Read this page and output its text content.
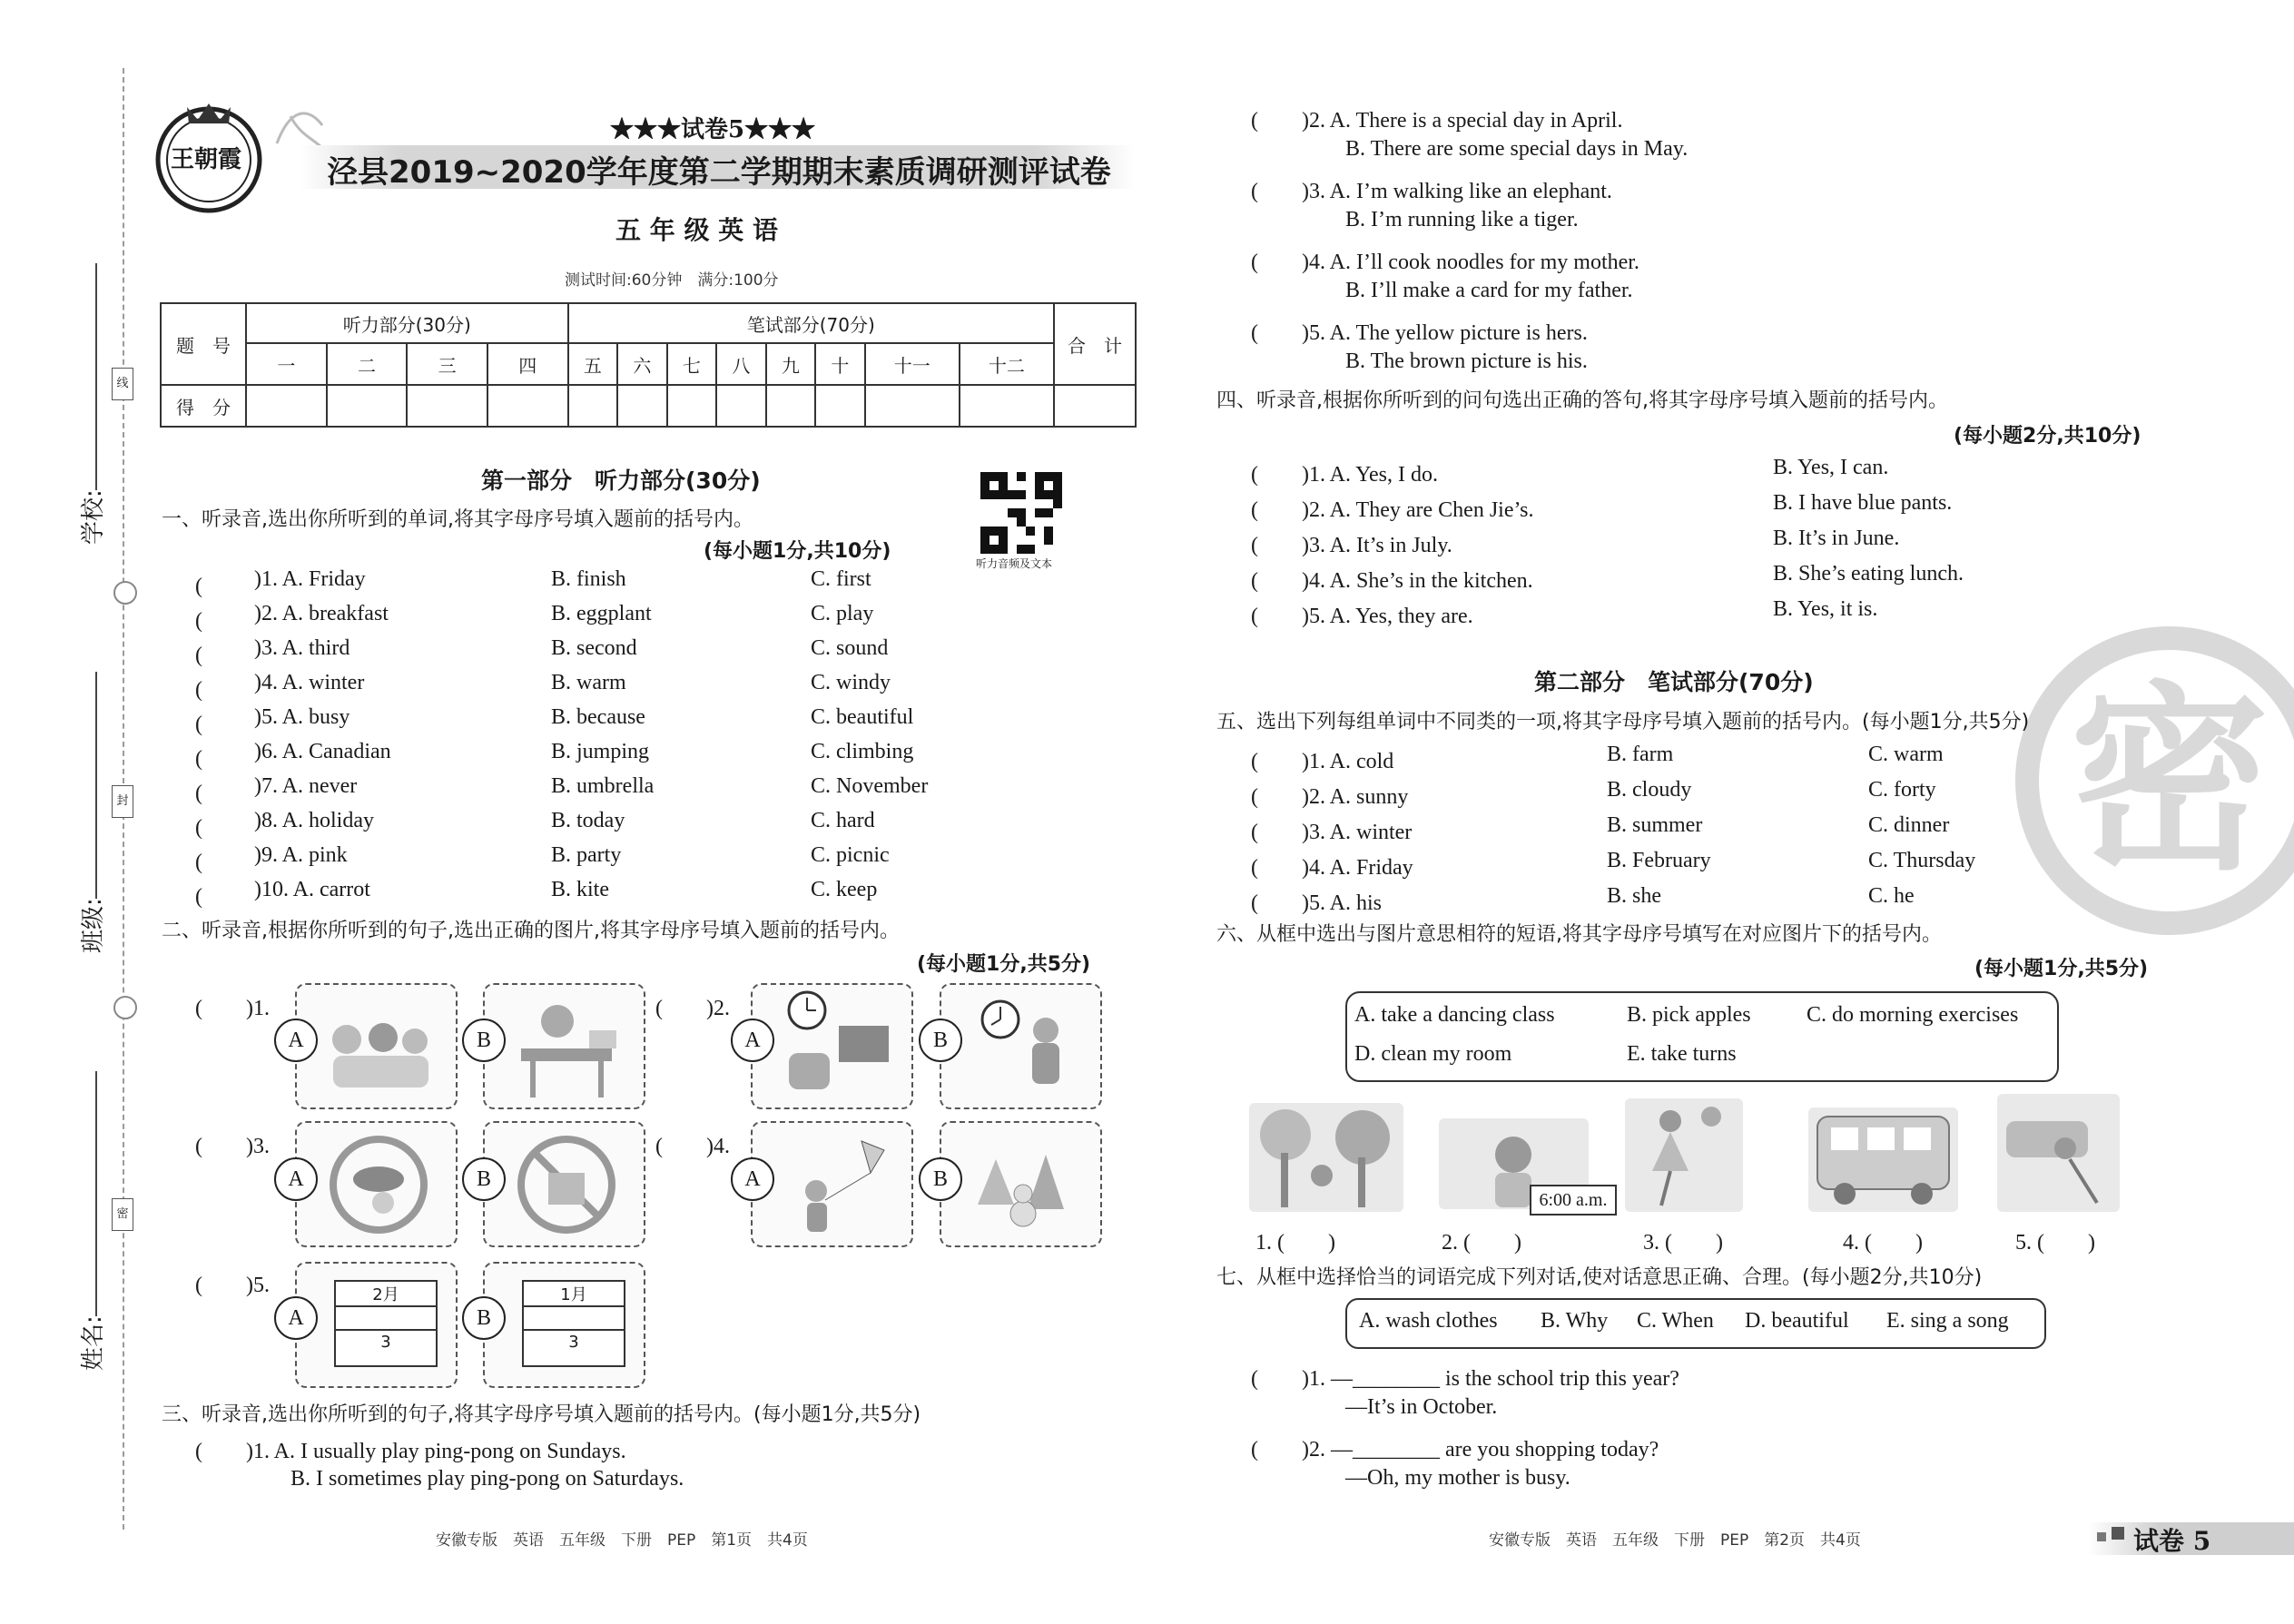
学校:
班级:
姓名:
线
封
密
王朝霞
★★★试卷5★★★
泾县2019~2020学年度第二学期期末素质调研测评试卷
五 年 级 英 语
测试时间:60分钟　满分:100分
题　号	听力部分(30分)				笔试部分(70分)								合　计
	一	二	三	四	五	六	七	八	九	十	十一	十二	
得　分													
第一部分　听力部分(30分)
听力音频及文本
一、听录音,选出你所听到的单词,将其字母序号填入题前的括号内。
(每小题1分,共10分)
(　　 )1. A. Friday	B. finish	C. first
(　　 )2. A. breakfast	B. eggplant	C. play
(　　 )3. A. third	B. second	C. sound
(　　 )4. A. winter	B. warm	C. windy
(　　 )5. A. busy	B. because	C. beautiful
(　　 )6. A. Canadian	B. jumping	C. climbing
(　　 )7. A. never	B. umbrella	C. November
(　　 )8. A. holiday	B. today	C. hard
(　　 )9. A. pink	B. party	C. picnic
(　　 )10. A. carrot	B. kite	C. keep
二、听录音,根据你所听到的句子,选出正确的图片,将其字母序号填入题前的括号内。
(每小题1分,共5分)
(　　)1.	(　　)2.
(　　)3.	(　　)4.
(　　)5.	2月
3
1月
3
A	B	A	B
A	B	A	B
A	B
三、听录音,选出你所听到的句子,将其字母序号填入题前的括号内。(每小题1分,共5分)
(　　)1. A. I usually play ping-pong on Sundays.
B. I sometimes play ping-pong on Saturdays.
(　　)2. A. There is a special day in April.
B. There are some special days in May.
(　　)3. A. I’m walking like an elephant.
B. I’m running like a tiger.
(　　)4. A. I’ll cook noodles for my mother.
B. I’ll make a card for my father.
(　　)5. A. The yellow picture is hers.
B. The brown picture is his.
四、听录音,根据你所听到的问句选出正确的答句,将其字母序号填入题前的括号内。
(每小题2分,共10分)
(　　)1. A. Yes, I do.	B. Yes, I can.
(　　)2. A. They are Chen Jie’s.	B. I have blue pants.
(　　)3. A. It’s in July.	B. It’s in June.
(　　)4. A. She’s in the kitchen.	B. She’s eating lunch.
(　　)5. A. Yes, they are.	B. Yes, it is.
密
第二部分　笔试部分(70分)
五、选出下列每组单词中不同类的一项,将其字母序号填入题前的括号内。(每小题1分,共5分)
(　　)1. A. cold	B. farm	C. warm
(　　)2. A. sunny	B. cloudy	C. forty
(　　)3. A. winter	B. summer	C. dinner
(　　)4. A. Friday	B. February	C. Thursday
(　　)5. A. his	B. she	C. he
六、从框中选出与图片意思相符的短语,将其字母序号填写在对应图片下的括号内。
(每小题1分,共5分)
A. take a dancing class	B. pick apples	C. do morning exercises
D. clean my room	E. take turns
6:00 a.m.
1. (　　)	2. (　　)	3. (　　)	4. (　　)	5. (　　)
七、从框中选择恰当的词语完成下列对话,使对话意思正确、合理。(每小题2分,共10分)
A. wash clothes B. Why C. When D. beautiful E. sing a song
(　　)1. —________ is the school trip this year?
—It’s in October.
(　　)2. —________ are you shopping today?
—Oh, my mother is busy.
安徽专版　英语　五年级　下册　PEP　第1页　共4页	安徽专版　英语　五年级　下册　PEP　第2页　共4页	试卷 5
